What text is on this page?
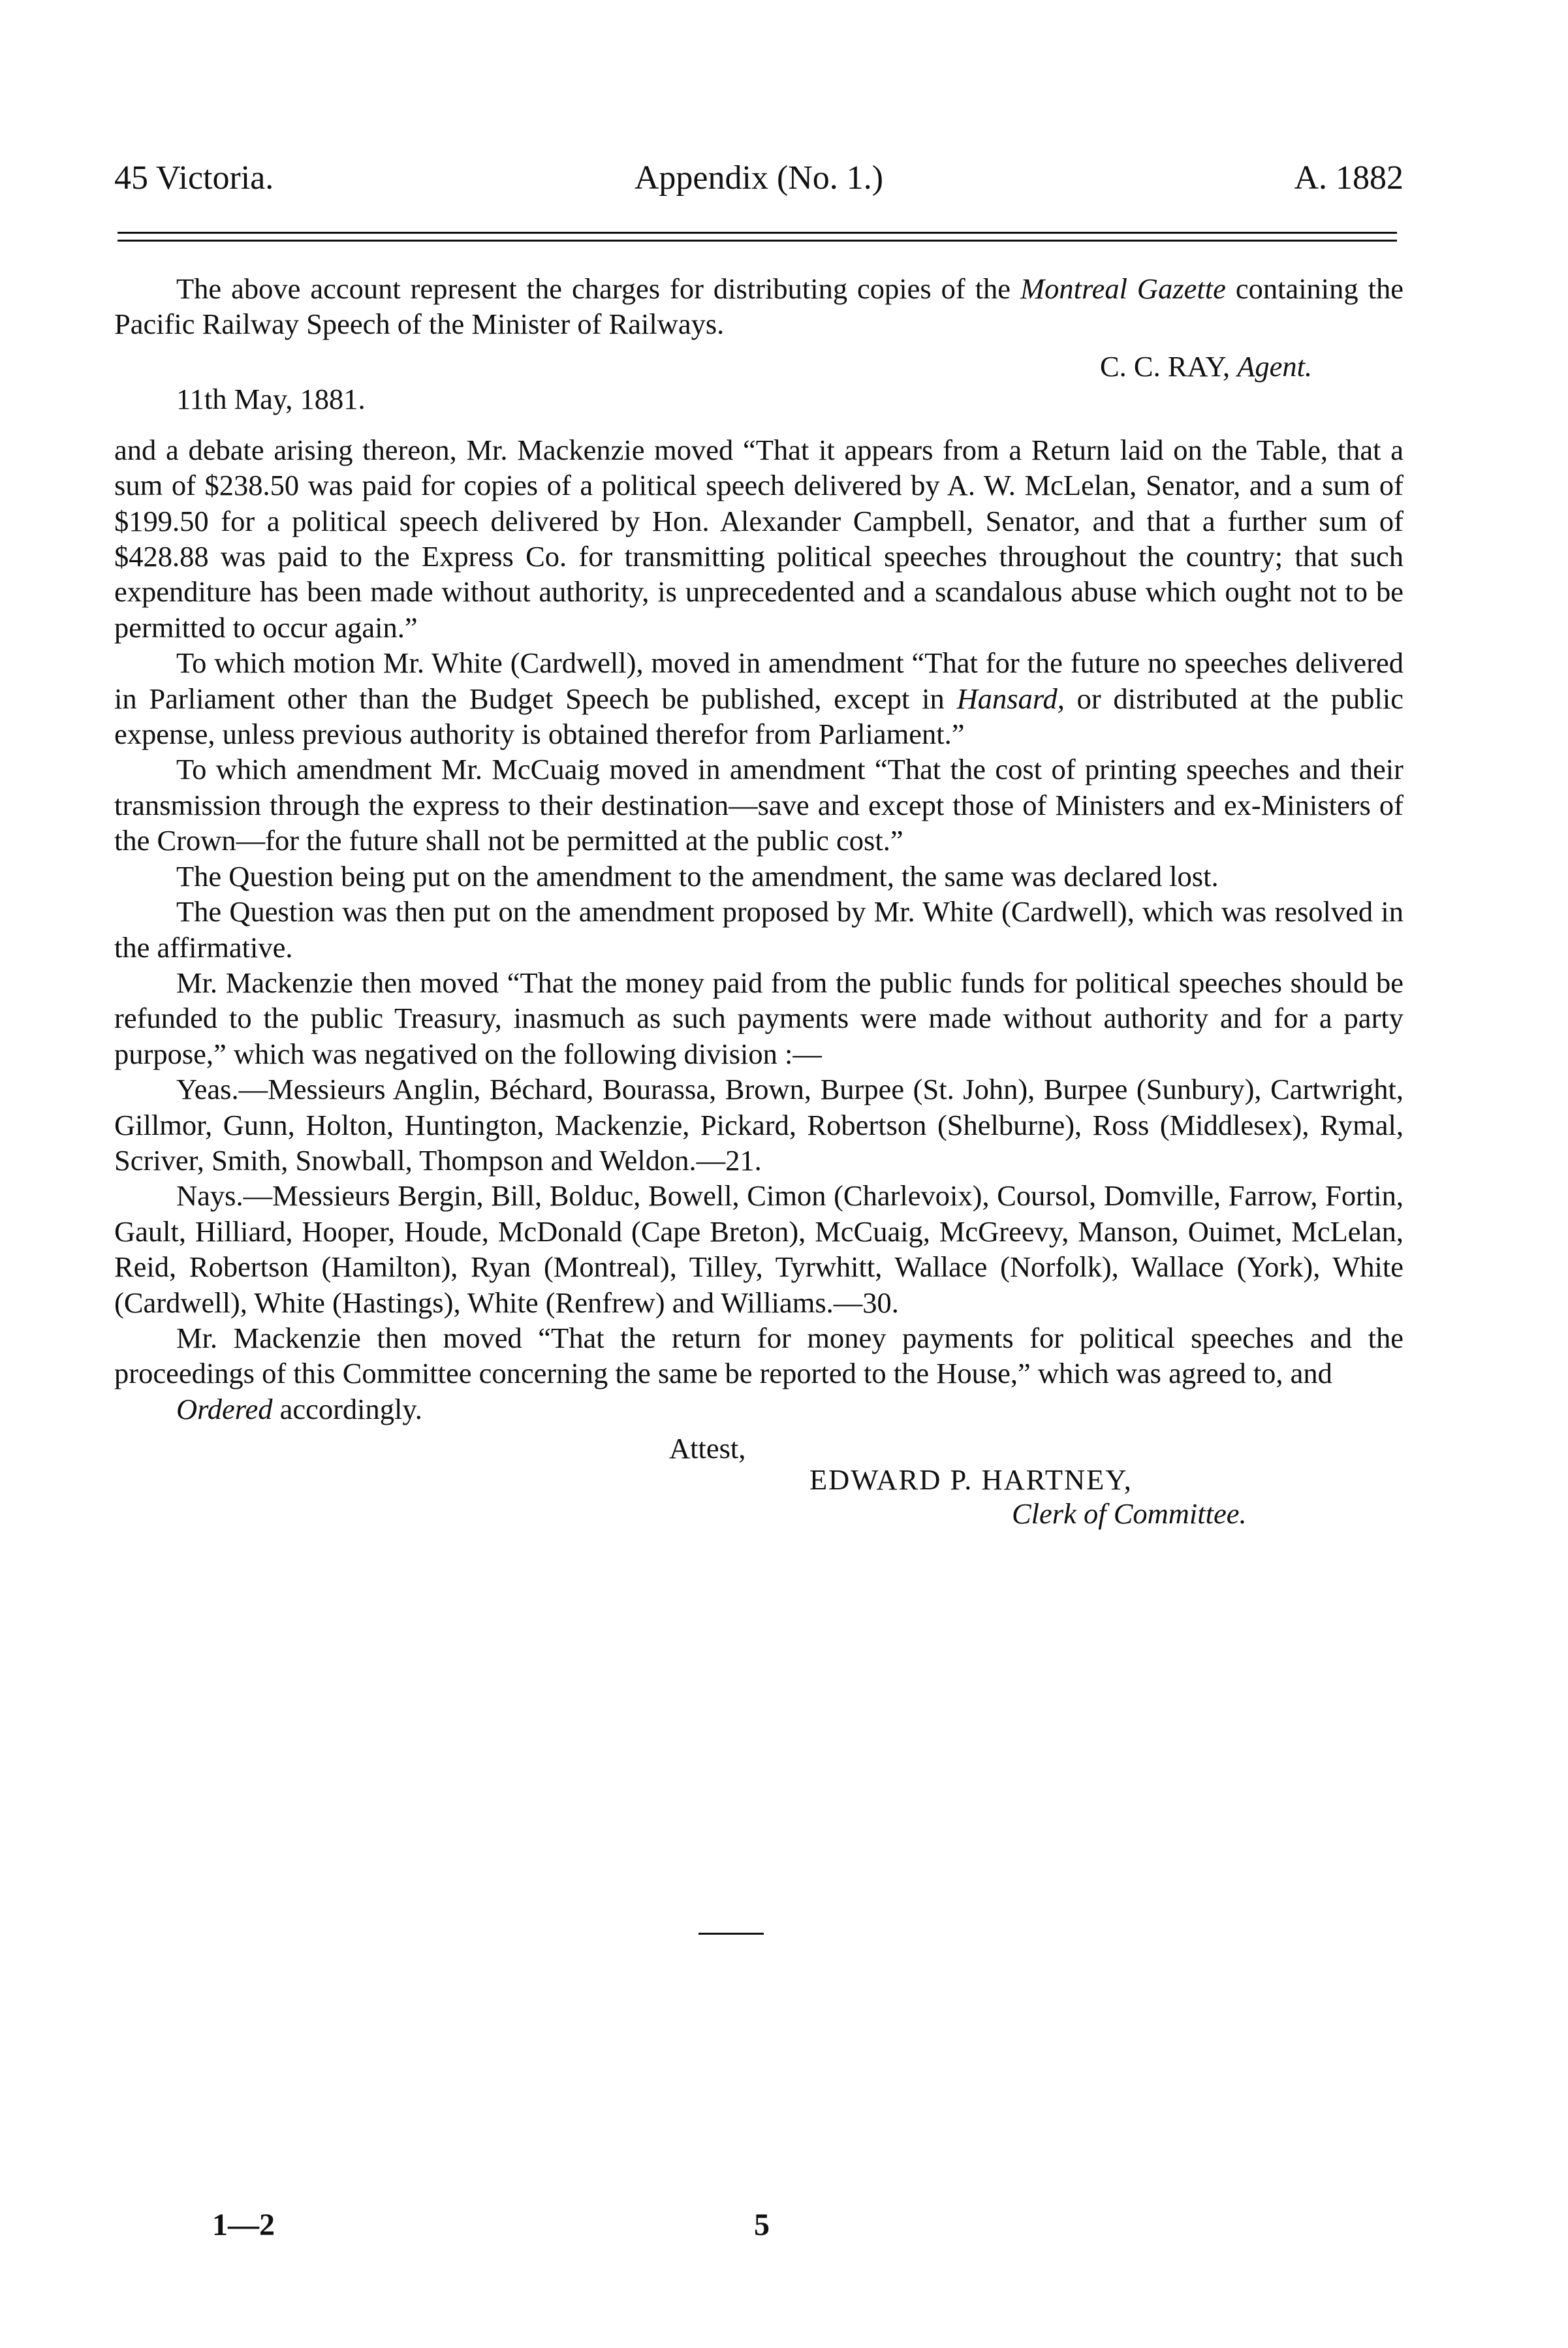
45 Victoria.	Appendix (No. 1.)	A. 1882

The above account represent the charges for distributing copies of the Montreal Gazette containing the Pacific Railway Speech of the Minister of Railways.

C. C. RAY, Agent.
11th May, 1881.

and a debate arising thereon, Mr. Mackenzie moved “That it appears from a Return laid on the Table, that a sum of $238.50 was paid for copies of a political speech delivered by A. W. McLelan, Senator, and a sum of $199.50 for a political speech delivered by Hon. Alexander Campbell, Senator, and that a further sum of $428.88 was paid to the Express Co. for transmitting political speeches throughout the country; that such expenditure has been made without authority, is unprecedented and a scandalous abuse which ought not to be permitted to occur again.”

To which motion Mr. White (Cardwell), moved in amendment “That for the future no speeches delivered in Parliament other than the Budget Speech be published, except in Hansard, or distributed at the public expense, unless previous authority is obtained therefor from Parliament.”

To which amendment Mr. McCuaig moved in amendment “That the cost of printing speeches and their transmission through the express to their destination—save and except those of Ministers and ex-Ministers of the Crown—for the future shall not be permitted at the public cost.”

The Question being put on the amendment to the amendment, the same was declared lost.

The Question was then put on the amendment proposed by Mr. White (Cardwell), which was resolved in the affirmative.

Mr. Mackenzie then moved “That the money paid from the public funds for political speeches should be refunded to the public Treasury, inasmuch as such payments were made without authority and for a party purpose,” which was negatived on the following division :—

Yeas.—Messieurs Anglin, Béchard, Bourassa, Brown, Burpee (St. John), Burpee (Sunbury), Cartwright, Gillmor, Gunn, Holton, Huntington, Mackenzie, Pickard, Robertson (Shelburne), Ross (Middlesex), Rymal, Scriver, Smith, Snowball, Thompson and Weldon.—21.

Nays.—Messieurs Bergin, Bill, Bolduc, Bowell, Cimon (Charlevoix), Coursol, Domville, Farrow, Fortin, Gault, Hilliard, Hooper, Houde, McDonald (Cape Breton), McCuaig, McGreevy, Manson, Ouimet, McLelan, Reid, Robertson (Hamilton), Ryan (Montreal), Tilley, Tyrwhitt, Wallace (Norfolk), Wallace (York), White (Cardwell), White (Hastings), White (Renfrew) and Williams.—30.

Mr. Mackenzie then moved “That the return for money payments for political speeches and the proceedings of this Committee concerning the same be reported to the House,” which was agreed to, and

Ordered accordingly.

Attest,
EDWARD P. HARTNEY,
Clerk of Committee.
1—2	5
